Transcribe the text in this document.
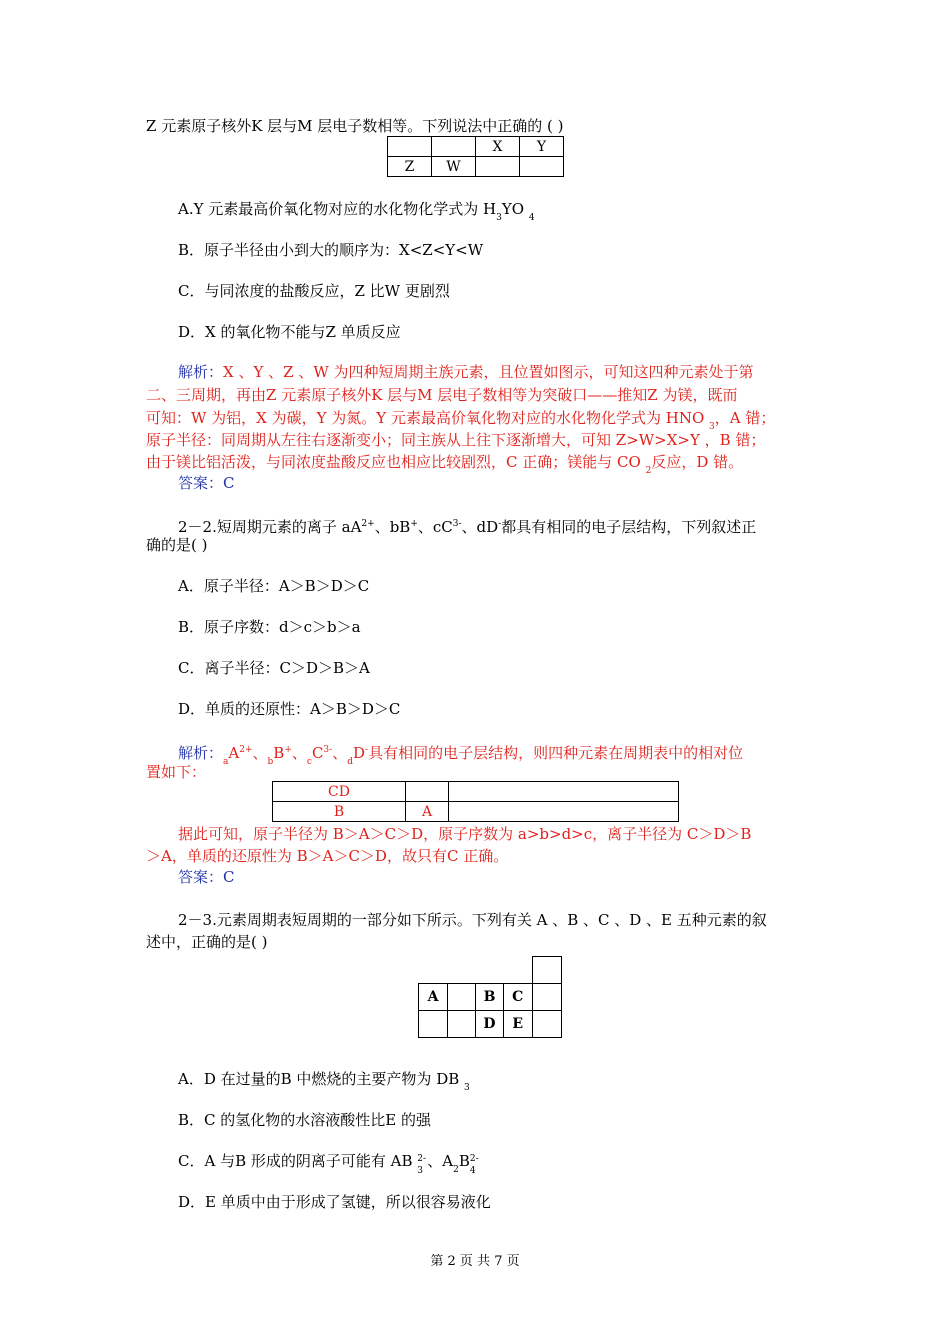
Z 元素原子核外K 层与M 层电子数相等。下列说法中正确的 ( )
		X	Y
Z	W		
A.Y 元素最高价氧化物对应的水化物化学式为 $H_3YO$ $_4$
B．原子半径由小到大的顺序为：X<Z<Y<W
C．与同浓度的盐酸反应，Z 比W 更剧烈
D．X 的氧化物不能与Z 单质反应
解析：X 、Y 、Z 、W 为四种短周期主族元素，且位置如图示，可知这四种元素处于第
二、三周期，再由Z 元素原子核外K 层与M 层电子数相等为突破口——推知Z 为镁，既而
可知：W 为铝，X 为碳，Y 为氮。Y 元素最高价氧化物对应的水化物化学式为 HNO $_3$，A 错；
原子半径：同周期从左往右逐渐变小；同主族从上往下逐渐增大，可知 Z>W>X>Y ，B 错；
由于镁比铝活泼，与同浓度盐酸反应也相应比较剧烈，C 正确；镁能与 CO $_2$反应，D 错。
答案：C
2－2.短周期元素的离子 $aA^{2+}$、bB+、$cC^{3-}$、dD-都具有相同的电子层结构，下列叙述正
确的是( )
A．原子半径：A＞B＞D＞C
B．原子序数：d＞c＞b＞a
C．离子半径：C＞D＞B＞A
D．单质的还原性：A＞B＞D＞C
解析：$_aA^{2+}$、$_b$B+、$_cC^{3-}$、$_d$D-具有相同的电子层结构，则四种元素在周期表中的相对位
置如下：
CD		
B	A	
据此可知，原子半径为 B＞A＞C＞D，原子序数为 a>b>d>c，离子半径为 C＞D＞B
＞A，单质的还原性为 B＞A＞C＞D，故只有C 正确。
答案：C
2－3.元素周期表短周期的一部分如下所示。下列有关 A 、B 、C 、D 、E 五种元素的叙
述中，正确的是( )

A		B	C	
		D	E	
A．D 在过量的B 中燃烧的主要产物为 DB $_3$
B．C 的氢化物的水溶液酸性比E 的强
C．A 与B 形成的阴离子可能有 AB 2-
3
、$A_2B$ 2-
4
D．E 单质中由于形成了氢键，所以很容易液化
第 2 页 共 7 页
